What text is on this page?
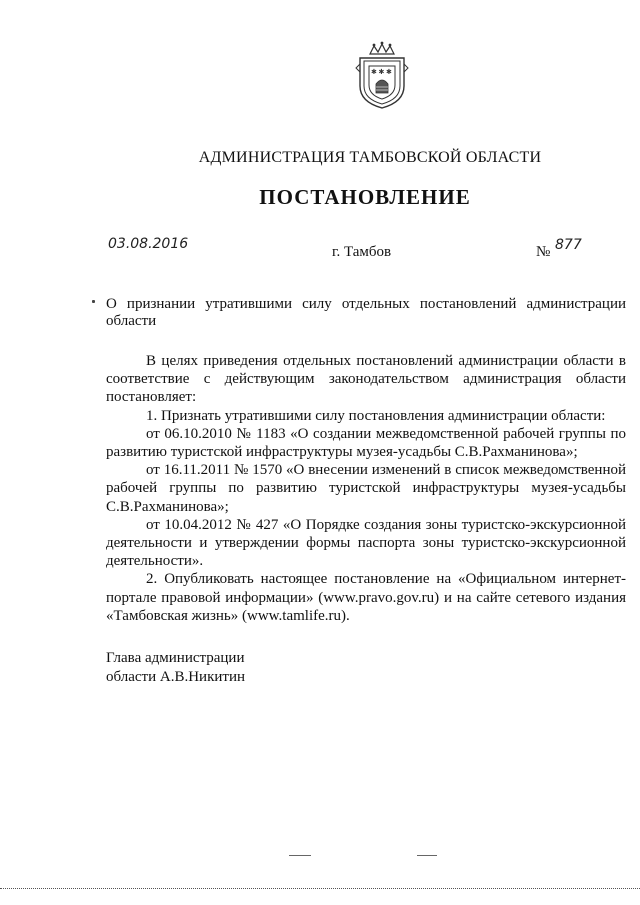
✱ ✱ ✱
АДМИНИСТРАЦИЯ ТАМБОВСКОЙ ОБЛАСТИ
ПОСТАНОВЛЕНИЕ
03.08.2016	г. Тамбов	№ 877
О признании утратившими силу отдельных постановлений администрации
области

В целях приведения отдельных постановлений администрации области в соответствие с действующим законодательством администрация области постановляет:

1. Признать утратившими силу постановления администрации области:

от 06.10.2010 № 1183 «О создании межведомственной рабочей группы по развитию туристской инфраструктуры музея-усадьбы С.В.Рахманинова»;

от 16.11.2011 № 1570 «О внесении изменений в список межведомственной рабочей группы по развитию туристской инфраструктуры музея-усадьбы С.В.Рахманинова»;

от 10.04.2012 № 427 «О Порядке создания зоны туристско-экскурсионной деятельности и утверждении формы паспорта зоны туристско-экскурсионной деятельности».

2. Опубликовать настоящее постановление на «Официальном интернет-портале правовой информации» (www.pravo.gov.ru) и на сайте сетевого издания «Тамбовская жизнь» (www.tamlife.ru).

Глава администрации
области А.В.Никитин
